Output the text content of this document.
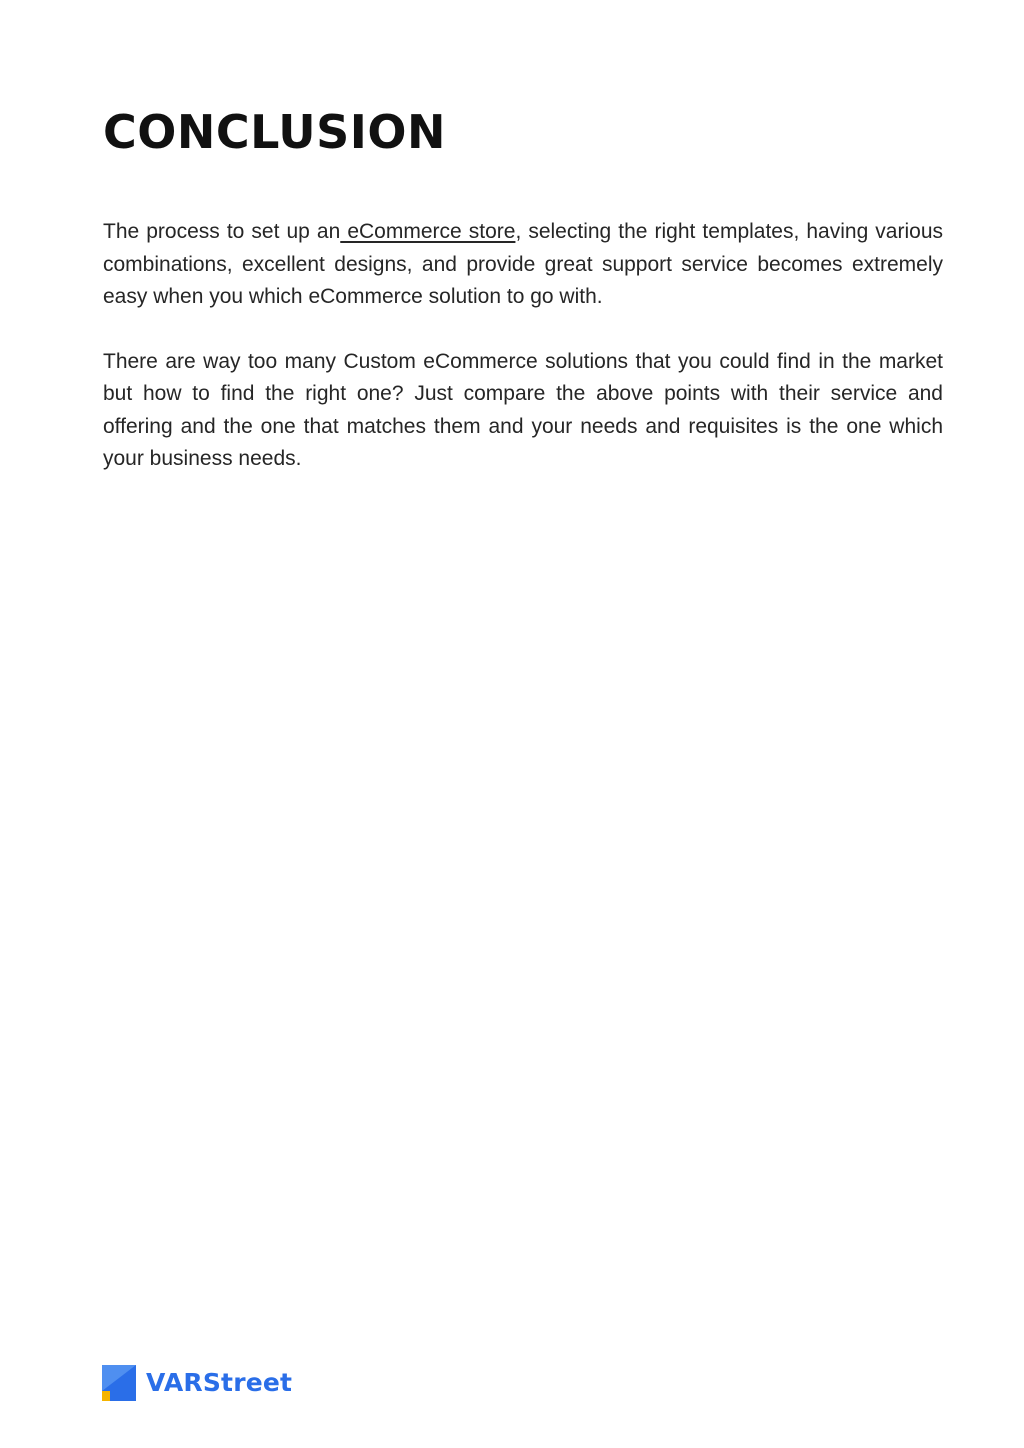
CONCLUSION

The process to set up an eCommerce store, selecting the right templates, having various combinations, excellent designs, and provide great support service becomes extremely easy when you which eCommerce solution to go with.

There are way too many Custom eCommerce solutions that you could find in the market but how to find the right one? Just compare the above points with their service and offering and the one that matches them and your needs and requisites is the one which your business needs.

VARStreet
